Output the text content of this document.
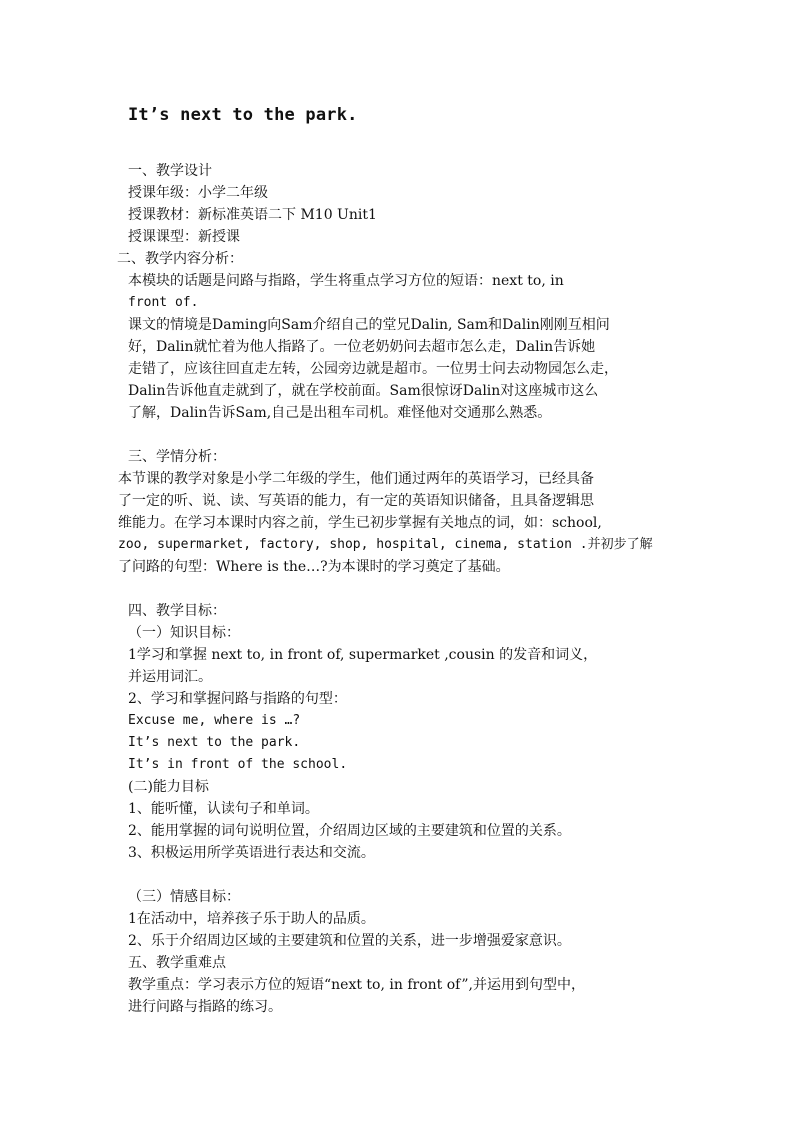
It’s next to the park.
一、教学设计
授课年级：小学二年级
授课教材：新标准英语二下 M10 Unit1
授课课型：新授课
二、教学内容分析：
本模块的话题是问路与指路，学生将重点学习方位的短语：next to, in
front of.
课文的情境是Daming向Sam介绍自己的堂兄Dalin, Sam和Dalin刚刚互相问
好，Dalin就忙着为他人指路了。一位老奶奶问去超市怎么走，Dalin告诉她
走错了，应该往回直走左转，公园旁边就是超市。一位男士问去动物园怎么走，
Dalin告诉他直走就到了，就在学校前面。Sam很惊讶Dalin对这座城市这么
了解，Dalin告诉Sam,自己是出租车司机。难怪他对交通那么熟悉。
三、学情分析：
本节课的教学对象是小学二年级的学生，他们通过两年的英语学习，已经具备
了一定的听、说、读、写英语的能力，有一定的英语知识储备，且具备逻辑思
维能力。在学习本课时内容之前，学生已初步掌握有关地点的词，如：school,
zoo, supermarket, factory, shop, hospital, cinema, station .并初步了解
了问路的句型：Where is the…?为本课时的学习奠定了基础。
四、教学目标：
（一）知识目标：
1学习和掌握 next to, in front of, supermarket ,cousin 的发音和词义，
并运用词汇。
2、学习和掌握问路与指路的句型：
Excuse me, where is …?
It’s next to the park.
It’s in front of the school.
(二)能力目标
1、能听懂，认读句子和单词。
2、能用掌握的词句说明位置，介绍周边区域的主要建筑和位置的关系。
3、积极运用所学英语进行表达和交流。
（三）情感目标：
1在活动中，培养孩子乐于助人的品质。
2、乐于介绍周边区域的主要建筑和位置的关系，进一步增强爱家意识。
五、教学重难点
教学重点：学习表示方位的短语“next to, in front of”,并运用到句型中，
进行问路与指路的练习。
